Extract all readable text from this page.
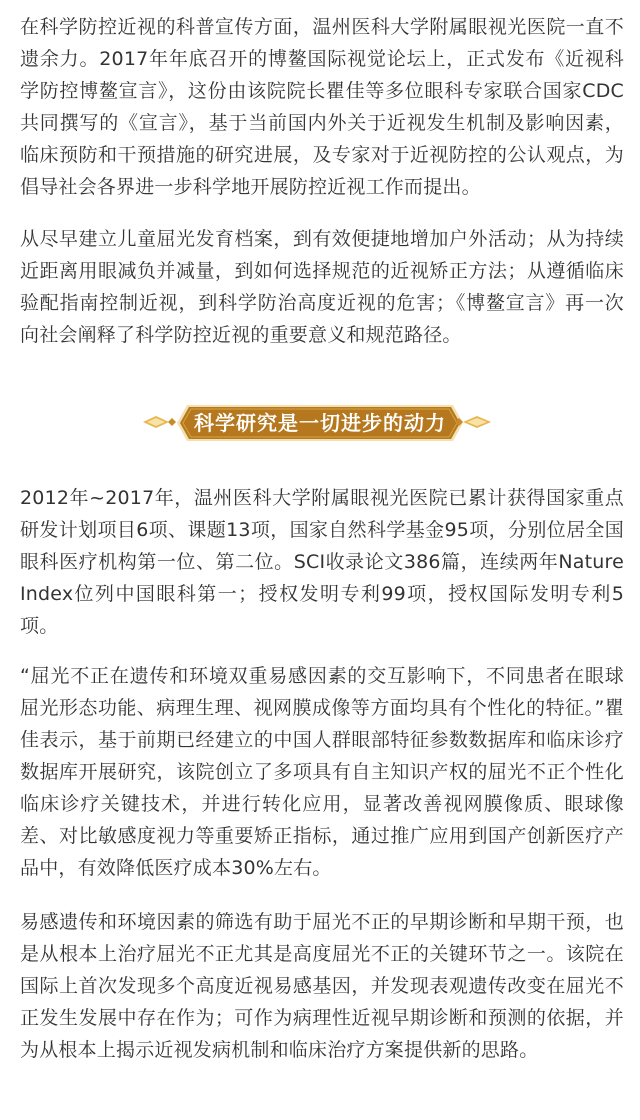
在科学防控近视的科普宣传方面，温州医科大学附属眼视光医院一直不遗余力。2017年年底召开的博鳌国际视觉论坛上，正式发布《近视科学防控博鳌宣言》，这份由该院院长瞿佳等多位眼科专家联合国家CDC共同撰写的《宣言》，基于当前国内外关于近视发生机制及影响因素，临床预防和干预措施的研究进展，及专家对于近视防控的公认观点，为倡导社会各界进一步科学地开展防控近视工作而提出。

从尽早建立儿童屈光发育档案，到有效便捷地增加户外活动；从为持续近距离用眼减负并减量，到如何选择规范的近视矫正方法；从遵循临床验配指南控制近视，到科学防治高度近视的危害；《博鳌宣言》再一次向社会阐释了科学防控近视的重要意义和规范路径。

科学研究是一切进步的动力

2012年~2017年，温州医科大学附属眼视光医院已累计获得国家重点研发计划项目6项、课题13项，国家自然科学基金95项，分别位居全国眼科医疗机构第一位、第二位。SCI收录论文386篇，连续两年Nature Index位列中国眼科第一；授权发明专利99项，授权国际发明专利5项。

“屈光不正在遗传和环境双重易感因素的交互影响下，不同患者在眼球屈光形态功能、病理生理、视网膜成像等方面均具有个性化的特征。”瞿佳表示，基于前期已经建立的中国人群眼部特征参数数据库和临床诊疗数据库开展研究，该院创立了多项具有自主知识产权的屈光不正个性化临床诊疗关键技术，并进行转化应用，显著改善视网膜像质、眼球像差、对比敏感度视力等重要矫正指标，通过推广应用到国产创新医疗产品中，有效降低医疗成本30%左右。

易感遗传和环境因素的筛选有助于屈光不正的早期诊断和早期干预，也是从根本上治疗屈光不正尤其是高度屈光不正的关键环节之一。该院在国际上首次发现多个高度近视易感基因，并发现表观遗传改变在屈光不正发生发展中存在作为；可作为病理性近视早期诊断和预测的依据，并为从根本上揭示近视发病机制和临床治疗方案提供新的思路。
